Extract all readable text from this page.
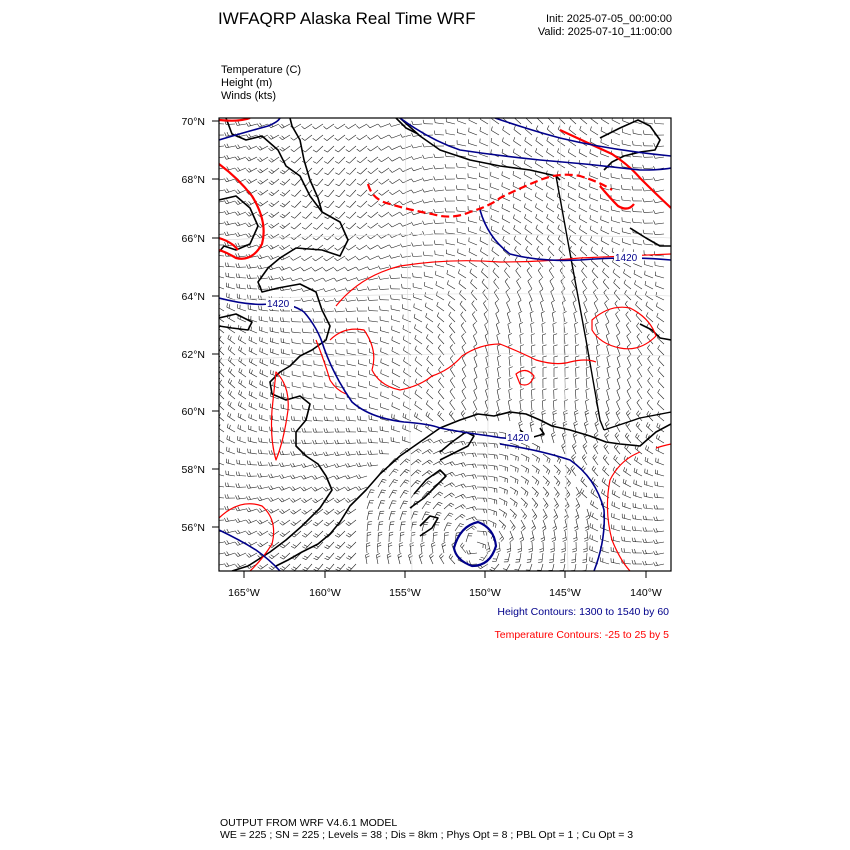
IWFAQRP Alaska Real Time WRF	Init: 2025-07-05_00:00:00
Valid: 2025-07-10_11:00:00
Temperature (C)
Height (m)
Winds (kts)
1420
1420
1420
70°N
68°N
66°N
64°N
62°N
60°N
58°N
56°N
165°W	160°W	155°W	150°W	145°W	140°W
Height Contours: 1300 to 1540 by 60
Temperature Contours: -25 to 25 by 5
OUTPUT FROM WRF V4.6.1 MODEL
WE = 225 ; SN = 225 ; Levels = 38 ; Dis = 8km ; Phys Opt = 8 ; PBL Opt = 1 ; Cu Opt = 3
